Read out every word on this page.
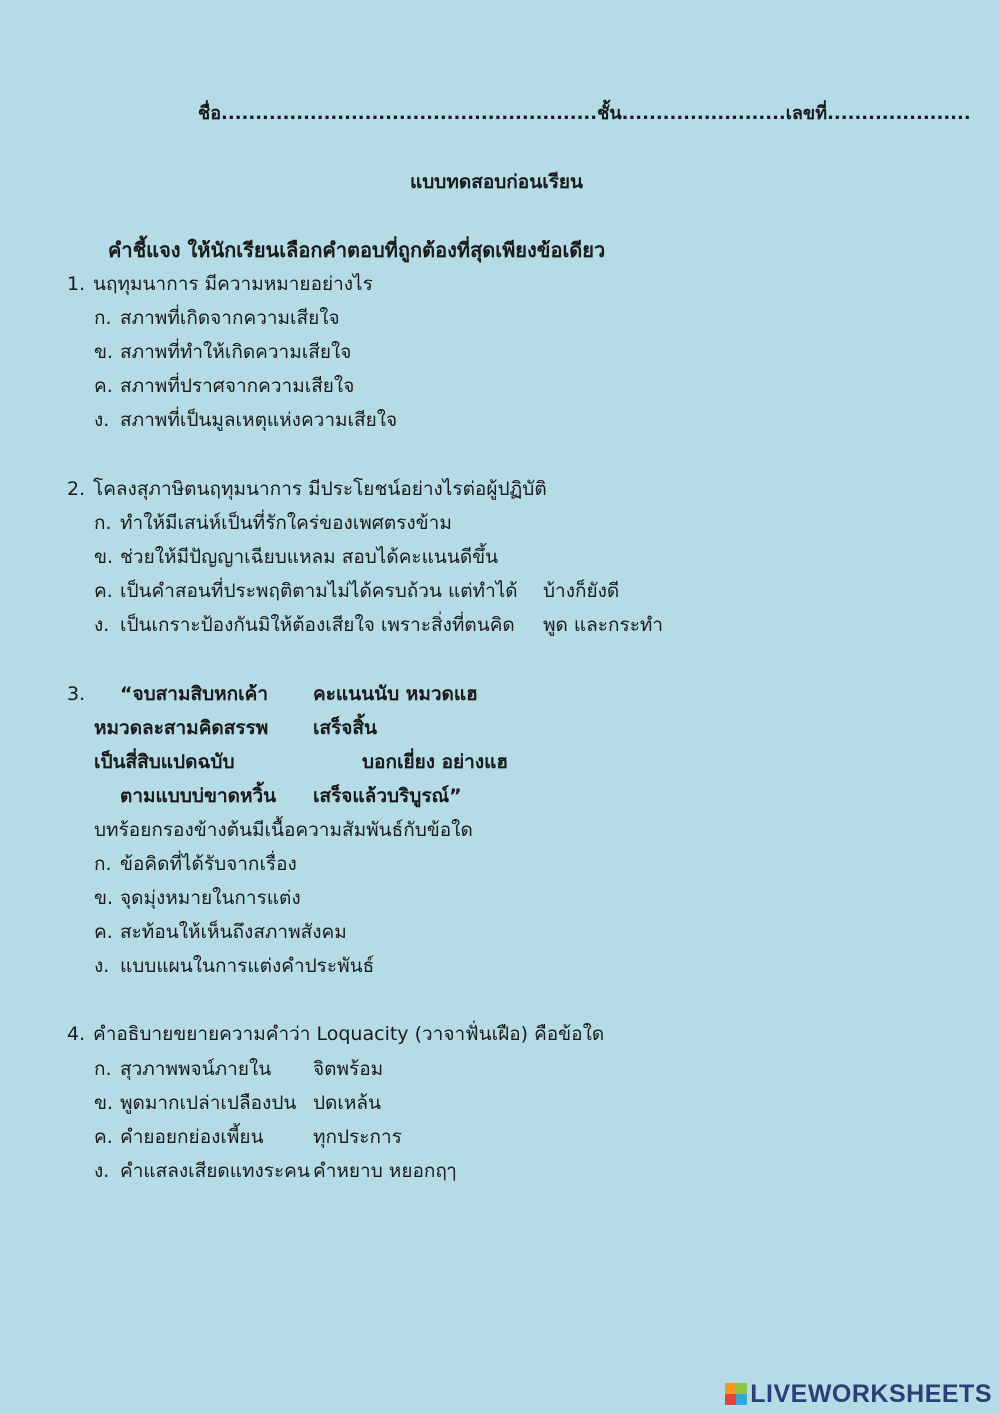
ชื่อ.......................................................ชั้น........................เลขที่.....................
แบบทดสอบก่อนเรียน
คำชี้แจง ให้นักเรียนเลือกคำตอบที่ถูกต้องที่สุดเพียงข้อเดียว
1. นฤทุมนาการ มีความหมายอย่างไร
ก. สภาพที่เกิดจากความเสียใจ
ข. สภาพที่ทำให้เกิดความเสียใจ
ค. สภาพที่ปราศจากความเสียใจ
ง. สภาพที่เป็นมูลเหตุแห่งความเสียใจ
2. โคลงสุภาษิตนฤทุมนาการ มีประโยชน์อย่างไรต่อผู้ปฏิบัติ
ก. ทำให้มีเสน่ห์เป็นที่รักใคร่ของเพศตรงข้าม
ข. ช่วยให้มีปัญญาเฉียบแหลม สอบได้คะแนนดีขึ้น
ค. เป็นคำสอนที่ประพฤติตามไม่ได้ครบถ้วน แต่ทำได้ บ้างก็ยังดี
ง. เป็นเกราะป้องกันมิให้ต้องเสียใจ เพราะสิ่งที่ตนคิด พูด และกระทำ
3. “จบสามสิบหกเค้า คะแนนนับ หมวดแฮ
หมวดละสามคิดสรรพ เสร็จสิ้น
เป็นสี่สิบแปดฉบับ	บอกเยี่ยง อย่างแฮ
ตามแบบบ่ขาดหวิ้น เสร็จแล้วบริบูรณ์”
บทร้อยกรองข้างต้นมีเนื้อความสัมพันธ์กับข้อใด
ก. ข้อคิดที่ได้รับจากเรื่อง
ข. จุดมุ่งหมายในการแต่ง
ค. สะท้อนให้เห็นถึงสภาพสังคม
ง. แบบแผนในการแต่งคำประพันธ์
4. คำอธิบายขยายความคำว่า Loquacity (วาจาฟั่นเฝือ) คือข้อใด
ก. สุวภาพพจน์ภายใน จิตพร้อม
ข. พูดมากเปล่าเปลืองปน ปดเหล้น
ค. คำยอยกย่องเพี้ยน	ทุกประการ
ง. คำแสลงเสียดแทงระคน คำหยาบ หยอกฤๅ
LIVEWORKSHEETS
